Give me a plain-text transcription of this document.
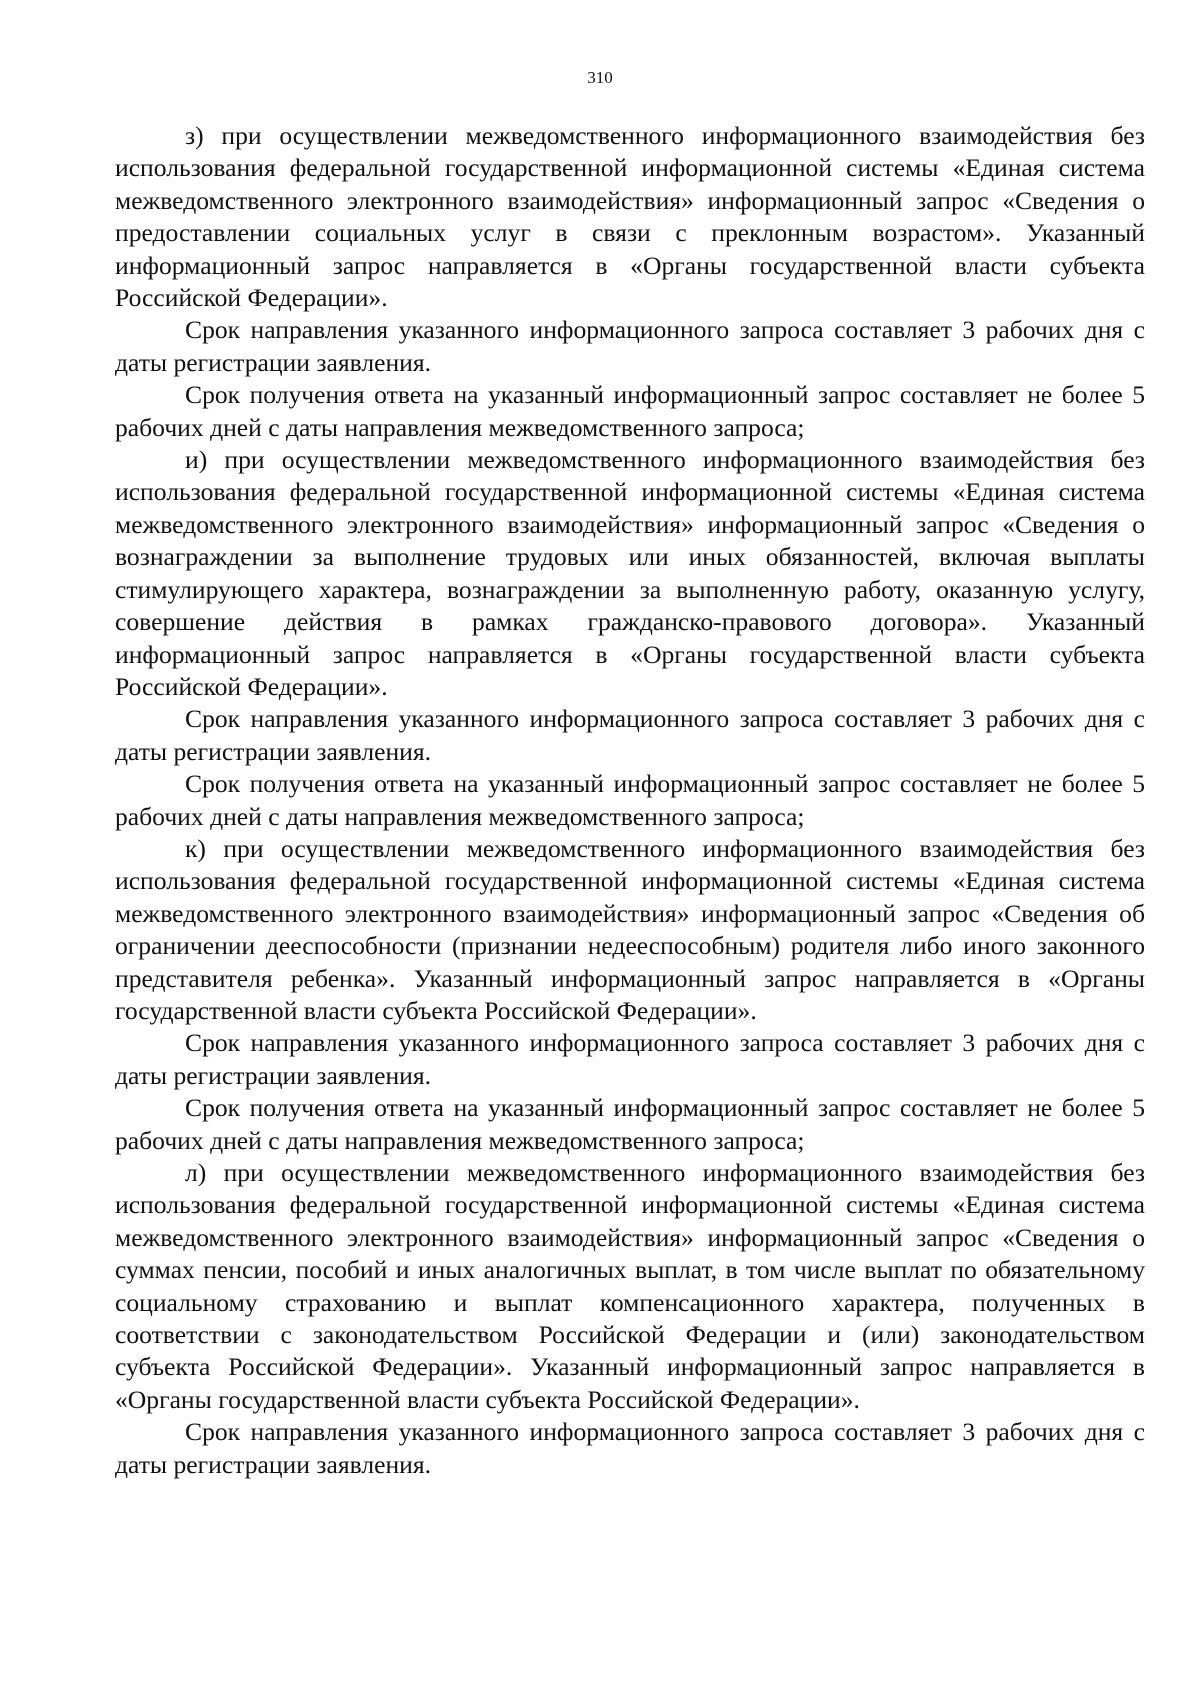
310

з) при осуществлении межведомственного информационного взаимодействия без использования федеральной государственной информационной системы «Единая система межведомственного электронного взаимодействия» информационный запрос «Сведения о предоставлении социальных услуг в связи с преклонным возрастом». Указанный информационный запрос направляется в «Органы государственной власти субъекта Российской Федерации».

Срок направления указанного информационного запроса составляет 3 рабочих дня с даты регистрации заявления.

Срок получения ответа на указанный информационный запрос составляет не более 5 рабочих дней с даты направления межведомственного запроса;

и) при осуществлении межведомственного информационного взаимодействия без использования федеральной государственной информационной системы «Единая система межведомственного электронного взаимодействия» информационный запрос «Сведения о вознаграждении за выполнение трудовых или иных обязанностей, включая выплаты стимулирующего характера, вознаграждении за выполненную работу, оказанную услугу, совершение действия в рамках гражданско-правового договора». Указанный информационный запрос направляется в «Органы государственной власти субъекта Российской Федерации».

Срок направления указанного информационного запроса составляет 3 рабочих дня с даты регистрации заявления.

Срок получения ответа на указанный информационный запрос составляет не более 5 рабочих дней с даты направления межведомственного запроса;

к) при осуществлении межведомственного информационного взаимодействия без использования федеральной государственной информационной системы «Единая система межведомственного электронного взаимодействия» информационный запрос «Сведения об ограничении дееспособности (признании недееспособным) родителя либо иного законного представителя ребенка». Указанный информационный запрос направляется в «Органы государственной власти субъекта Российской Федерации».

Срок направления указанного информационного запроса составляет 3 рабочих дня с даты регистрации заявления.

Срок получения ответа на указанный информационный запрос составляет не более 5 рабочих дней с даты направления межведомственного запроса;

л) при осуществлении межведомственного информационного взаимодействия без использования федеральной государственной информационной системы «Единая система межведомственного электронного взаимодействия» информационный запрос «Сведения о суммах пенсии, пособий и иных аналогичных выплат, в том числе выплат по обязательному социальному страхованию и выплат компенсационного характера, полученных в соответствии с законодательством Российской Федерации и (или) законодательством субъекта Российской Федерации». Указанный информационный запрос направляется в «Органы государственной власти субъекта Российской Федерации».

Срок направления указанного информационного запроса составляет 3 рабочих дня с даты регистрации заявления.
